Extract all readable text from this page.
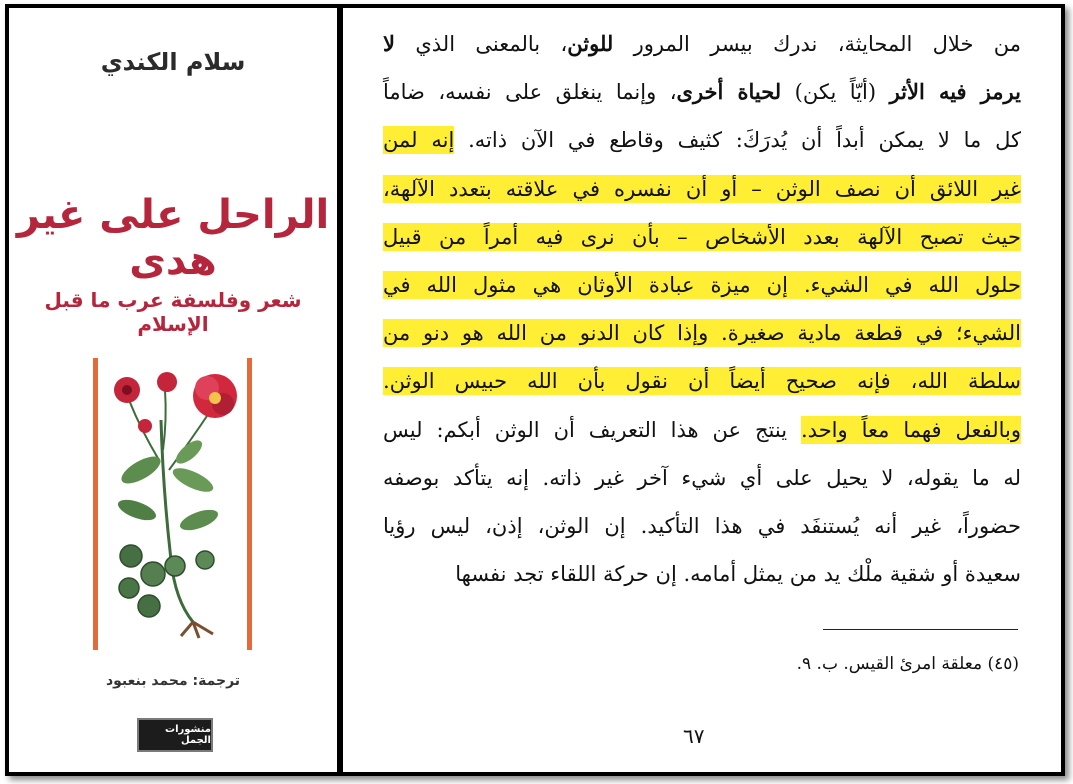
سلام الكندي
الراحل على غير هدى
شعر وفلسفة عرب ما قبل الإسلام
ترجمة: محمد بنعبود
منشورات الجمل
من خلال المحايثة، ندرك بيسر المرور للوثن، بالمعنى الذي لا
يرمز فيه الأثر (أيّاً يكن) لحياة أخرى، وإنما ينغلق على نفسه، ضاماً
كل ما لا يمكن أبداً أن يُدرَكَ: كثيف وقاطع في الآن ذاته. إنه لمن
غير اللائق أن نصف الوثن – أو أن نفسره في علاقته بتعدد الآلهة،
حيث تصبح الآلهة بعدد الأشخاص – بأن نرى فيه أمراً من قبيل
حلول الله في الشيء. إن ميزة عبادة الأوثان هي مثول الله في
الشيء؛ في قطعة مادية صغيرة. وإذا كان الدنو من الله هو دنو من
سلطة الله، فإنه صحيح أيضاً أن نقول بأن الله حبيس الوثن.
وبالفعل فهما معاً واحد. ينتج عن هذا التعريف أن الوثن أبكم: ليس
له ما يقوله، لا يحيل على أي شيء آخر غير ذاته. إنه يتأكد بوصفه
حضوراً، غير أنه يُستنفَد في هذا التأكيد. إن الوثن، إذن، ليس رؤيا
سعيدة أو شقية ملْك يد من يمثل أمامه. إن حركة اللقاء تجد نفسها
(٤٥) معلقة امرئ القيس. ب. ٩.
٦٧
